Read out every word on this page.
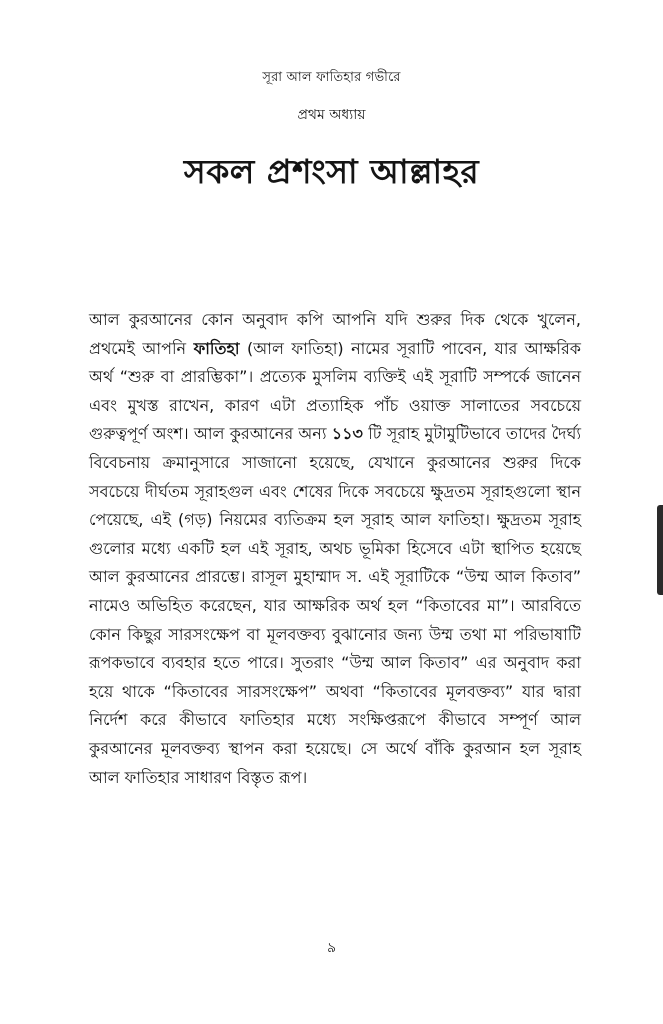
সূরা আল ফাতিহার গভীরে
প্রথম অধ্যায়
সকল প্রশংসা আল্লাহর

আল কুরআনের কোন অনুবাদ কপি আপনি যদি শুরুর দিক থেকে খুলেন, প্রথমেই আপনি ফাতিহা (আল ফাতিহা) নামের সূরাটি পাবেন, যার আক্ষরিক অর্থ “শুরু বা প্রারম্ভিকা”। প্রত্যেক মুসলিম ব্যক্তিই এই সূরাটি সম্পর্কে জানেন এবং মুখস্ত রাখেন, কারণ এটা প্রত্যাহিক পাঁচ ওয়াক্ত সালাতের সবচেয়ে গুরুত্বপূর্ণ অংশ। আল কুরআনের অন্য ১১৩ টি সূরাহ মুটামুটিভাবে তাদের দৈর্ঘ্য বিবেচনায় ক্রমানুসারে সাজানো হয়েছে, যেখানে কুরআনের শুরুর দিকে সবচেয়ে দীর্ঘতম সূরাহগুল এবং শেষের দিকে সবচেয়ে ক্ষুদ্রতম সূরাহগুলো স্থান পেয়েছে, এই (গড়) নিয়মের ব্যতিক্রম হল সূরাহ আল ফাতিহা। ক্ষুদ্রতম সূরাহ গুলোর মধ্যে একটি হল এই সূরাহ, অথচ ভূমিকা হিসেবে এটা স্থাপিত হয়েছে আল কুরআনের প্রারম্ভে। রাসূল মুহাম্মাদ স. এই সূরাটিকে “উম্ম আল কিতাব” নামেও অভিহিত করেছেন, যার আক্ষরিক অর্থ হল “কিতাবের মা”। আরবিতে কোন কিছুর সারসংক্ষেপ বা মূলবক্তব্য বুঝানোর জন্য উম্ম তথা মা পরিভাষাটি রূপকভাবে ব্যবহার হতে পারে। সুতরাং “উম্ম আল কিতাব” এর অনুবাদ করা হয়ে থাকে “কিতাবের সারসংক্ষেপ” অথবা “কিতাবের মূলবক্তব্য” যার দ্বারা নির্দেশ করে কীভাবে ফাতিহার মধ্যে সংক্ষিপ্তরূপে কীভাবে সম্পূর্ণ আল কুরআনের মূলবক্তব্য স্থাপন করা হয়েছে। সে অর্থে বাঁকি কুরআন হল সূরাহ আল ফাতিহার সাধারণ বিস্তৃত রূপ।

৯
